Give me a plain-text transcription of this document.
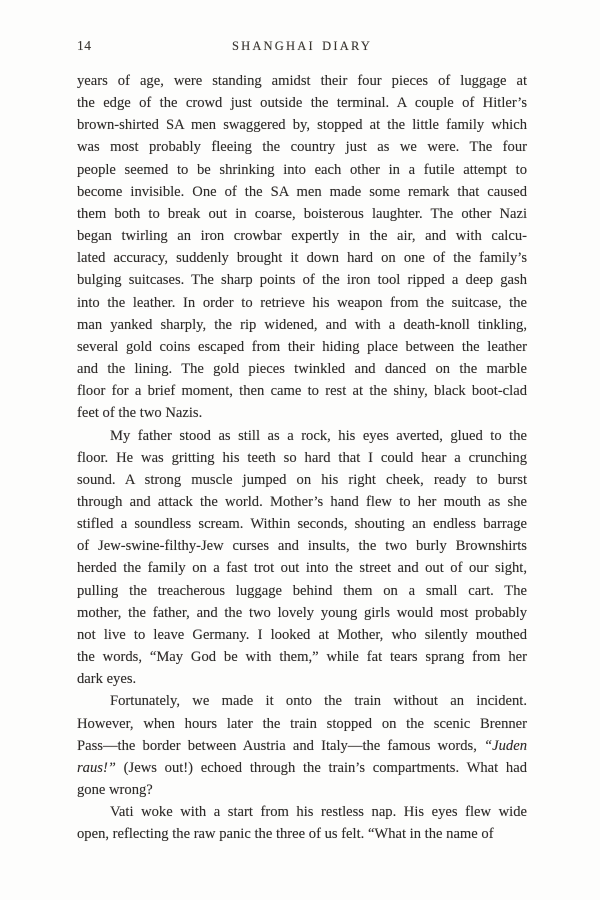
14	SHANGHAI DIARY
years of age, were standing amidst their four pieces of luggage at
the edge of the crowd just outside the terminal. A couple of Hitler’s
brown-shirted SA men swaggered by, stopped at the little family which
was most probably fleeing the country just as we were. The four
people seemed to be shrinking into each other in a futile attempt to
become invisible. One of the SA men made some remark that caused
them both to break out in coarse, boisterous laughter. The other Nazi
began twirling an iron crowbar expertly in the air, and with calcu-
lated accuracy, suddenly brought it down hard on one of the family’s
bulging suitcases. The sharp points of the iron tool ripped a deep gash
into the leather. In order to retrieve his weapon from the suitcase, the
man yanked sharply, the rip widened, and with a death-knoll tinkling,
several gold coins escaped from their hiding place between the leather
and the lining. The gold pieces twinkled and danced on the marble
floor for a brief moment, then came to rest at the shiny, black boot-clad
feet of the two Nazis.
My father stood as still as a rock, his eyes averted, glued to the
floor. He was gritting his teeth so hard that I could hear a crunching
sound. A strong muscle jumped on his right cheek, ready to burst
through and attack the world. Mother’s hand flew to her mouth as she
stifled a soundless scream. Within seconds, shouting an endless barrage
of Jew-swine-filthy-Jew curses and insults, the two burly Brownshirts
herded the family on a fast trot out into the street and out of our sight,
pulling the treacherous luggage behind them on a small cart. The
mother, the father, and the two lovely young girls would most probably
not live to leave Germany. I looked at Mother, who silently mouthed
the words, “May God be with them,” while fat tears sprang from her
dark eyes.
Fortunately, we made it onto the train without an incident.
However, when hours later the train stopped on the scenic Brenner
Pass—the border between Austria and Italy—the famous words, “Juden
raus!” (Jews out!) echoed through the train’s compartments. What had
gone wrong?
Vati woke with a start from his restless nap. His eyes flew wide
open, reflecting the raw panic the three of us felt. “What in the name of
